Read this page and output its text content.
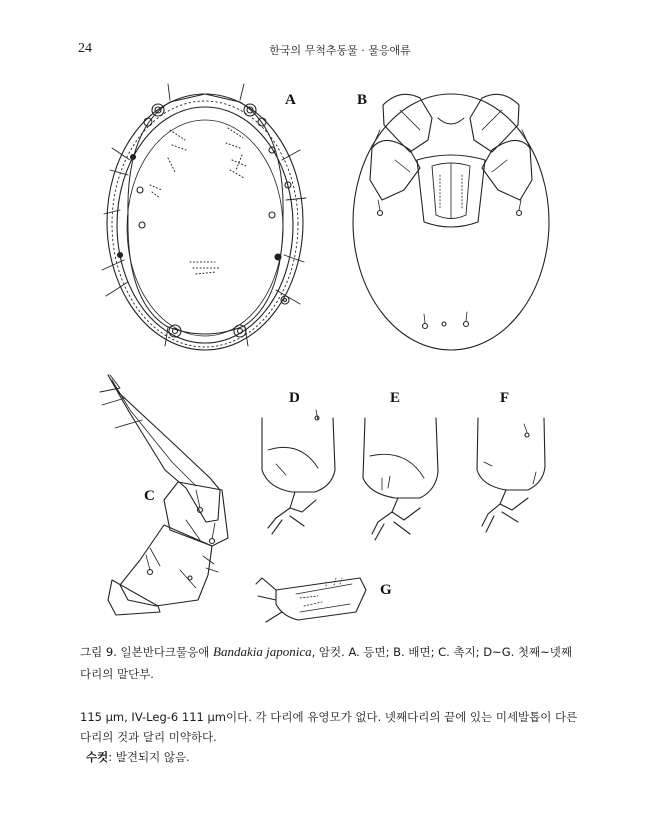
24	한국의 무척추동물 · 물응애류
A	B
C
D	E	F
G
그림 9. 일본반다크물응애 Bandakia japonica, 암컷. A. 등면; B. 배면; C. 촉지; D~G. 첫째~넷째 다리의 말단부.

115 μm, IV-Leg-6 111 μm이다. 각 다리에 유영모가 없다. 넷째다리의 끝에 있는 미세발톱이 다른 다리의 것과 달리 미약하다.

수컷: 발견되지 않음.
